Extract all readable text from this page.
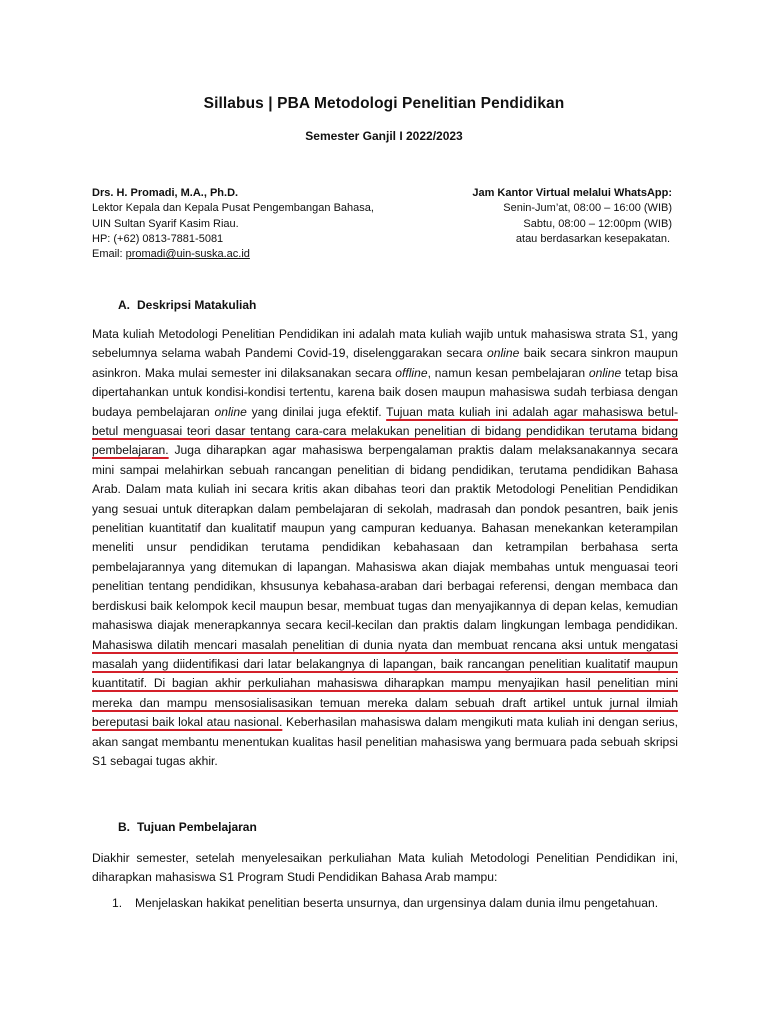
Sillabus | PBA Metodologi Penelitian Pendidikan
Semester Ganjil I 2022/2023
Drs. H. Promadi, M.A., Ph.D.
Lektor Kepala dan Kepala Pusat Pengembangan Bahasa,
UIN Sultan Syarif Kasim Riau.
HP: (+62) 0813-7881-5081
Email: promadi@uin-suska.ac.id
Jam Kantor Virtual melalui WhatsApp:
Senin-Jum’at, 08:00 – 16:00 (WIB)
Sabtu, 08:00 – 12:00pm (WIB)
atau berdasarkan kesepakatan.
A. Deskripsi Matakuliah
Mata kuliah Metodologi Penelitian Pendidikan ini adalah mata kuliah wajib untuk mahasiswa strata S1, yang sebelumnya selama wabah Pandemi Covid-19, diselenggarakan secara online baik secara sinkron maupun asinkron. Maka mulai semester ini dilaksanakan secara offline, namun kesan pembelajaran online tetap bisa dipertahankan untuk kondisi-kondisi tertentu, karena baik dosen maupun mahasiswa sudah terbiasa dengan budaya pembelajaran online yang dinilai juga efektif. Tujuan mata kuliah ini adalah agar mahasiswa betul-betul menguasai teori dasar tentang cara-cara melakukan penelitian di bidang pendidikan terutama bidang pembelajaran. Juga diharapkan agar mahasiswa berpengalaman praktis dalam melaksanakannya secara mini sampai melahirkan sebuah rancangan penelitian di bidang pendidikan, terutama pendidikan Bahasa Arab. Dalam mata kuliah ini secara kritis akan dibahas teori dan praktik Metodologi Penelitian Pendidikan yang sesuai untuk diterapkan dalam pembelajaran di sekolah, madrasah dan pondok pesantren, baik jenis penelitian kuantitatif dan kualitatif maupun yang campuran keduanya. Bahasan menekankan keterampilan meneliti unsur pendidikan terutama pendidikan kebahasaan dan ketrampilan berbahasa serta pembelajarannya yang ditemukan di lapangan. Mahasiswa akan diajak membahas untuk menguasai teori penelitian tentang pendidikan, khsusunya kebahasa-araban dari berbagai referensi, dengan membaca dan berdiskusi baik kelompok kecil maupun besar, membuat tugas dan menyajikannya di depan kelas, kemudian mahasiswa diajak menerapkannya secara kecil-kecilan dan praktis dalam lingkungan lembaga pendidikan. Mahasiswa dilatih mencari masalah penelitian di dunia nyata dan membuat rencana aksi untuk mengatasi masalah yang diidentifikasi dari latar belakangnya di lapangan, baik rancangan penelitian kualitatif maupun kuantitatif. Di bagian akhir perkuliahan mahasiswa diharapkan mampu menyajikan hasil penelitian mini mereka dan mampu mensosialisasikan temuan mereka dalam sebuah draft artikel untuk jurnal ilmiah bereputasi baik lokal atau nasional. Keberhasilan mahasiswa dalam mengikuti mata kuliah ini dengan serius, akan sangat membantu menentukan kualitas hasil penelitian mahasiswa yang bermuara pada sebuah skripsi S1 sebagai tugas akhir.
B. Tujuan Pembelajaran
Diakhir semester, setelah menyelesaikan perkuliahan Mata kuliah Metodologi Penelitian Pendidikan ini, diharapkan mahasiswa S1 Program Studi Pendidikan Bahasa Arab mampu:
1. Menjelaskan hakikat penelitian beserta unsurnya, dan urgensinya dalam dunia ilmu pengetahuan.
